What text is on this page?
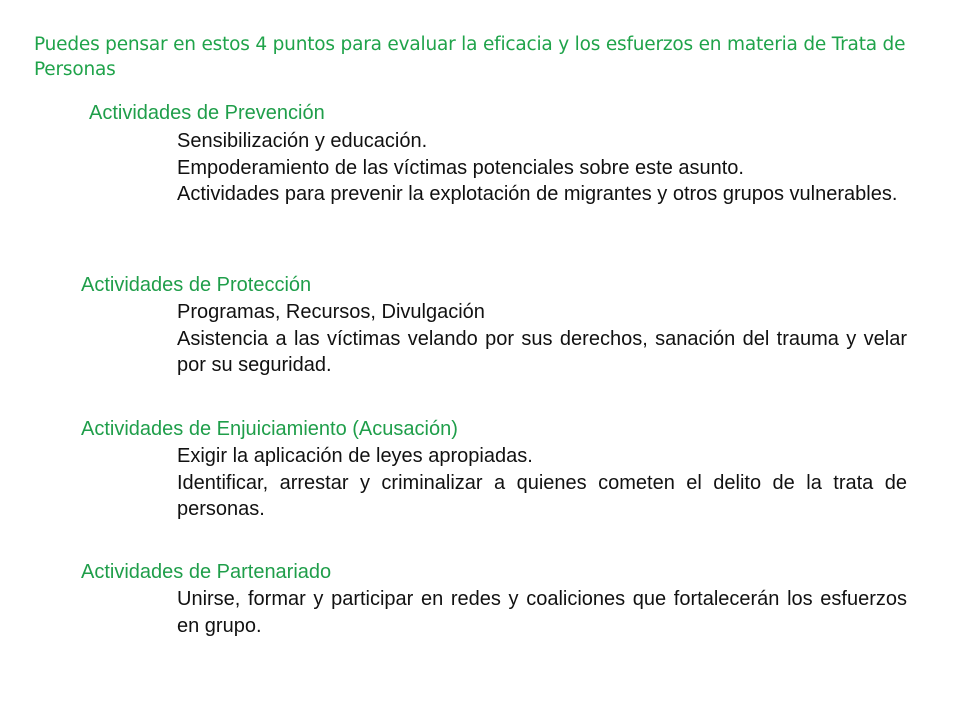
Puedes pensar en estos 4 puntos para evaluar la eficacia y los esfuerzos en materia de Trata de Personas
Actividades de Prevención

Sensibilización y educación.

Empoderamiento de las víctimas potenciales sobre este asunto.

Actividades para prevenir la explotación de migrantes y otros grupos vulnerables.

Actividades de Protección

Programas, Recursos, Divulgación

Asistencia a las víctimas velando por sus derechos, sanación del trauma y velar por su seguridad.

Actividades de Enjuiciamiento (Acusación)

Exigir la aplicación de leyes apropiadas.

Identificar, arrestar y criminalizar a quienes cometen el delito de la trata de personas.

Actividades de Partenariado

Unirse, formar y participar en redes y coaliciones que fortalecerán los esfuerzos en grupo.
